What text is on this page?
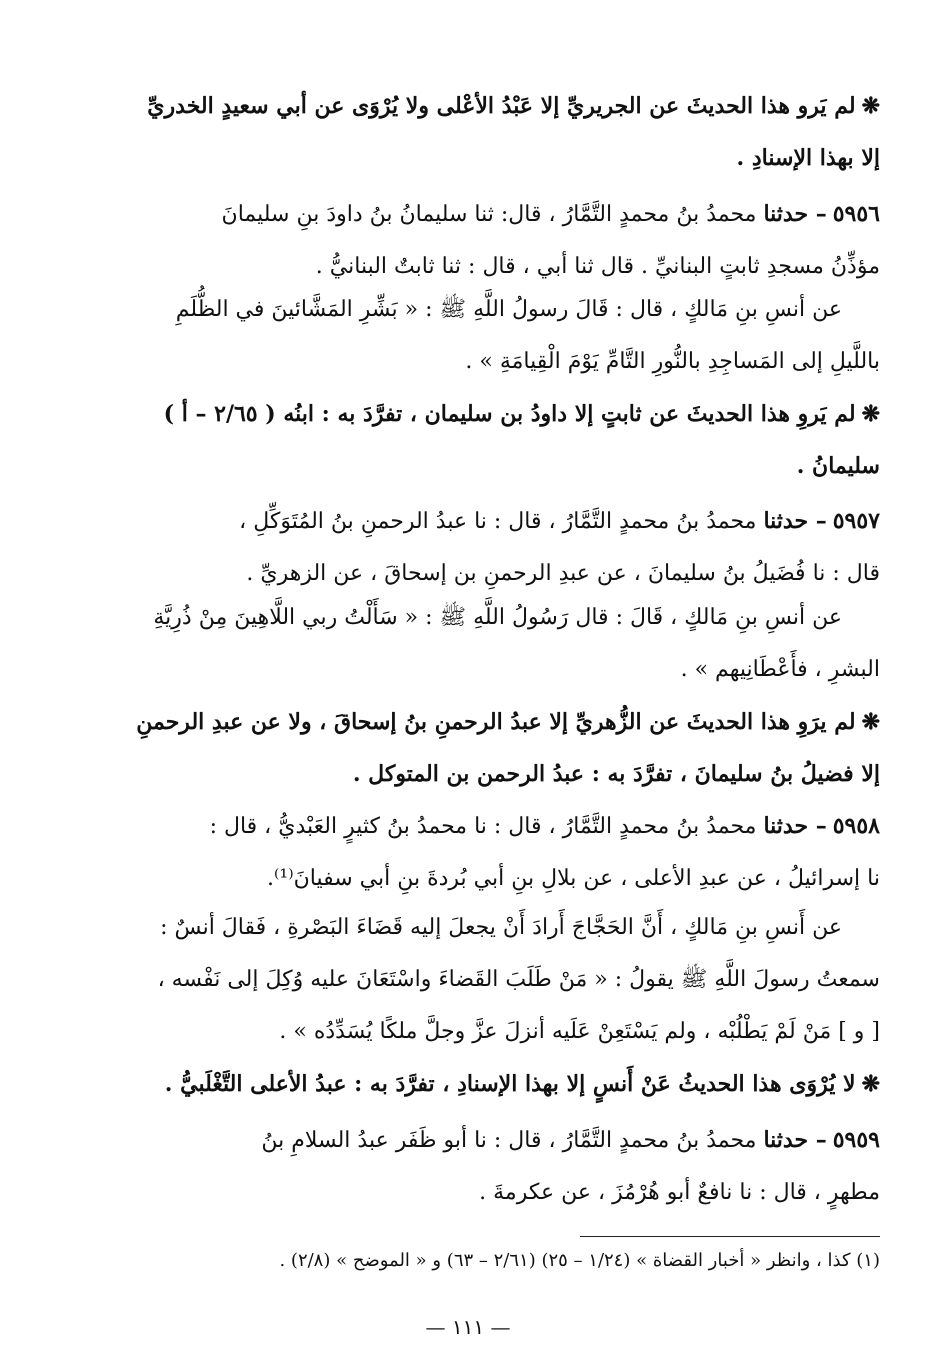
❋لم يَرو هذا الحديثَ عن الجريريِّ إلا عَبْدُ الأعْلى ولا يُرْوَى عن أبي سعيدٍ الخدريِّ

إلا بهذا الإسنادِ .

٥٩٥٦– حدثنا محمدُ بنُ محمدٍ التَّمَّارُ ، قال: ثنا سليمانُ بنُ داودَ بنِ سليمانَ

مؤذِّنُ مسجدِ ثابتٍ البنانيِّ . قال ثنا أبي ، قال : ثنا ثابتٌ البنانيُّ .

عن أنسِ بنِ مَالكٍ ، قال : قَالَ رسولُ اللَّهِ ﷺ : « بَشِّرِ المَشَّائينَ في الظُّلَمِ

باللَّيلِ إلى المَساجِدِ بالنُّورِ التَّامِّ يَوْمَ الْقِيامَةِ » .

❋لم يَروِ هذا الحديثَ عن ثابتٍ إلا داودُ بن سليمان ، تفرَّدَ به : ابنُه ( ٢/٦٥ – أ )

سليمانُ .

٥٩٥٧– حدثنا محمدُ بنُ محمدٍ التَّمَّارُ ، قال : نا عبدُ الرحمنِ بنُ المُتَوَكِّلِ ،

قال : نا فُضَيلُ بنُ سليمانَ ، عن عبدِ الرحمنِ بن إسحاقَ ، عن الزهريِّ .

عن أنسِ بنِ مَالكٍ ، قَالَ : قال رَسُولُ اللَّهِ ﷺ : « سَأَلْتُ ربي اللَّاهِينَ مِنْ ذُرِيَّةِ

البشرِ ، فأَعْطَانِيهم » .

❋لم يرَوِ هذا الحديثَ عن الزُّهريِّ إلا عبدُ الرحمنِ بنُ إسحاقَ ، ولا عن عبدِ الرحمنِ

إلا فضيلُ بنُ سليمانَ ، تفرَّدَ به : عبدُ الرحمن بن المتوكل .

٥٩٥٨– حدثنا محمدُ بنُ محمدٍ التَّمَّارُ ، قال : نا محمدُ بنُ كثيرٍ العَبْديُّ ، قال :

نا إسرائيلُ ، عن عبدِ الأعلى ، عن بلالِ بنِ أبي بُردةَ بنِ أبي سفيانَ⁽¹⁾.

عن أَنسِ بنِ مَالكٍ ، أَنَّ الحَجَّاجَ أَرادَ أَنْ يجعلَ إليه قَضَاءَ البَصْرةِ ، فَقالَ أنسٌ :

سمعتُ رسولَ اللَّهِ ﷺ يقولُ : « مَنْ طَلَبَ القَضاءَ واسْتَعَانَ عليه وُكِلَ إلى نَفْسه ،

[ و ] مَنْ لَمْ يَطْلُبْه ، ولم يَسْتَعِنْ عَلَيه أنزلَ عزَّ وجلَّ ملكًا يُسَدِّدُه » .

❋لا يُرْوَى هذا الحديثُ عَنْ أَنسٍ إلا بهذا الإسنادِ ، تفرَّدَ به : عبدُ الأعلى التَّغْلَبيُّ .

٥٩٥٩– حدثنا محمدُ بنُ محمدٍ التَّمَّارُ ، قال : نا أبو ظَفَر عبدُ السلامِ بنُ

مطهرٍ ، قال : نا نافعٌ أبو هُرْمُزَ ، عن عكرمةَ .

(١) كذا ، وانظر « أخبار القضاة » (١/٢٤ – ٢٥) (٢/٦١ – ٦٣) و « الموضح » (٢/٨) .
— ١١١ —
